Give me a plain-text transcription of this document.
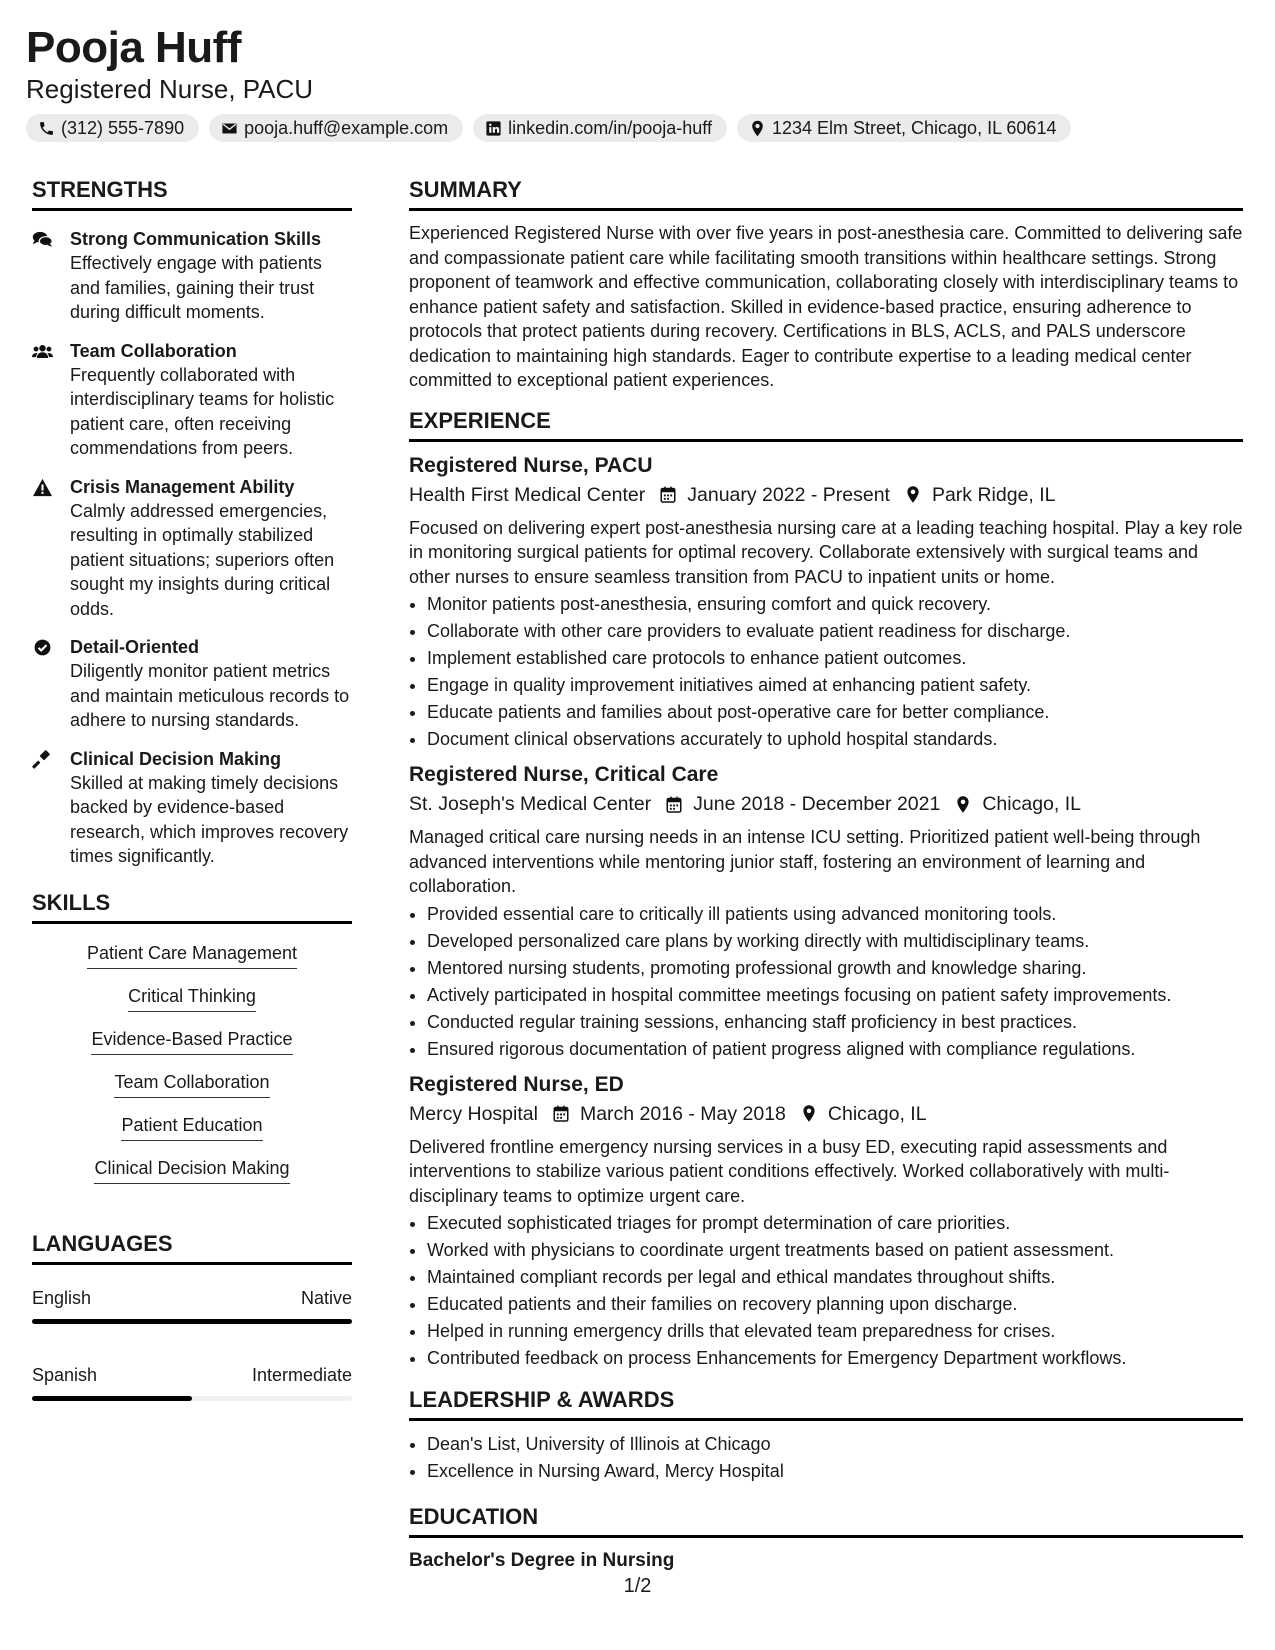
Pooja Huff
Registered Nurse, PACU
(312) 555-7890	pooja.huff@example.com	linkedin.com/in/pooja-huff	1234 Elm Street, Chicago, IL 60614
STRENGTHS
Strong Communication Skills
Effectively engage with patients and families, gaining their trust during difficult moments.
Team Collaboration
Frequently collaborated with interdisciplinary teams for holistic patient care, often receiving commendations from peers.
Crisis Management Ability
Calmly addressed emergencies, resulting in optimally stabilized patient situations; superiors often sought my insights during critical odds.
Detail-Oriented
Diligently monitor patient metrics and maintain meticulous records to adhere to nursing standards.
Clinical Decision Making
Skilled at making timely decisions backed by evidence-based research, which improves recovery times significantly.
SKILLS
Patient Care Management
Critical Thinking
Evidence-Based Practice
Team Collaboration
Patient Education
Clinical Decision Making
LANGUAGES
English	Native
Spanish	Intermediate
SUMMARY
Experienced Registered Nurse with over five years in post-anesthesia care. Committed to delivering safe and compassionate patient care while facilitating smooth transitions within healthcare settings. Strong proponent of teamwork and effective communication, collaborating closely with interdisciplinary teams to enhance patient safety and satisfaction. Skilled in evidence-based practice, ensuring adherence to protocols that protect patients during recovery. Certifications in BLS, ACLS, and PALS underscore dedication to maintaining high standards. Eager to contribute expertise to a leading medical center committed to exceptional patient experiences.
EXPERIENCE
Registered Nurse, PACU
Health First Medical Center January 2022 - Present Park Ridge, IL
Focused on delivering expert post-anesthesia nursing care at a leading teaching hospital. Play a key role in monitoring surgical patients for optimal recovery. Collaborate extensively with surgical teams and other nurses to ensure seamless transition from PACU to inpatient units or home.
• Monitor patients post-anesthesia, ensuring comfort and quick recovery.
• Collaborate with other care providers to evaluate patient readiness for discharge.
• Implement established care protocols to enhance patient outcomes.
• Engage in quality improvement initiatives aimed at enhancing patient safety.
• Educate patients and families about post-operative care for better compliance.
• Document clinical observations accurately to uphold hospital standards.
Registered Nurse, Critical Care
St. Joseph's Medical Center June 2018 - December 2021 Chicago, IL
Managed critical care nursing needs in an intense ICU setting. Prioritized patient well-being through advanced interventions while mentoring junior staff, fostering an environment of learning and collaboration.
• Provided essential care to critically ill patients using advanced monitoring tools.
• Developed personalized care plans by working directly with multidisciplinary teams.
• Mentored nursing students, promoting professional growth and knowledge sharing.
• Actively participated in hospital committee meetings focusing on patient safety improvements.
• Conducted regular training sessions, enhancing staff proficiency in best practices.
• Ensured rigorous documentation of patient progress aligned with compliance regulations.
Registered Nurse, ED
Mercy Hospital March 2016 - May 2018 Chicago, IL
Delivered frontline emergency nursing services in a busy ED, executing rapid assessments and interventions to stabilize various patient conditions effectively. Worked collaboratively with multi-disciplinary teams to optimize urgent care.
• Executed sophisticated triages for prompt determination of care priorities.
• Worked with physicians to coordinate urgent treatments based on patient assessment.
• Maintained compliant records per legal and ethical mandates throughout shifts.
• Educated patients and their families on recovery planning upon discharge.
• Helped in running emergency drills that elevated team preparedness for crises.
• Contributed feedback on process Enhancements for Emergency Department workflows.
LEADERSHIP & AWARDS
• Dean's List, University of Illinois at Chicago
• Excellence in Nursing Award, Mercy Hospital
EDUCATION
Bachelor's Degree in Nursing
1/2
